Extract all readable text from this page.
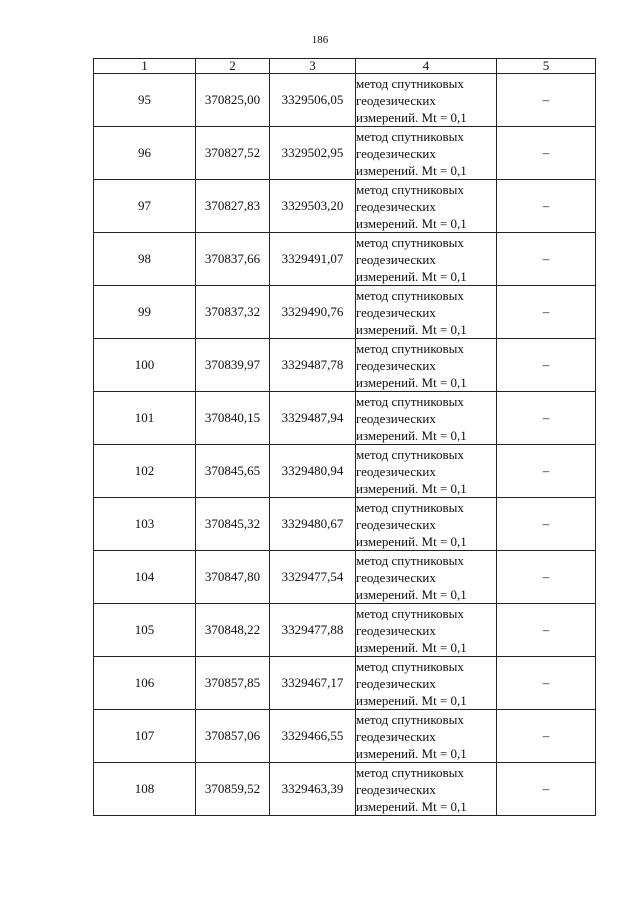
186
1	2	3	4	5
95	370825,00	3329506,05	метод спутниковых
геодезических
измерений. Mt = 0,1	–
96	370827,52	3329502,95	метод спутниковых
геодезических
измерений. Mt = 0,1	–
97	370827,83	3329503,20	метод спутниковых
геодезических
измерений. Mt = 0,1	–
98	370837,66	3329491,07	метод спутниковых
геодезических
измерений. Mt = 0,1	–
99	370837,32	3329490,76	метод спутниковых
геодезических
измерений. Mt = 0,1	–
100	370839,97	3329487,78	метод спутниковых
геодезических
измерений. Mt = 0,1	–
101	370840,15	3329487,94	метод спутниковых
геодезических
измерений. Mt = 0,1	–
102	370845,65	3329480,94	метод спутниковых
геодезических
измерений. Mt = 0,1	–
103	370845,32	3329480,67	метод спутниковых
геодезических
измерений. Mt = 0,1	–
104	370847,80	3329477,54	метод спутниковых
геодезических
измерений. Mt = 0,1	–
105	370848,22	3329477,88	метод спутниковых
геодезических
измерений. Mt = 0,1	–
106	370857,85	3329467,17	метод спутниковых
геодезических
измерений. Mt = 0,1	–
107	370857,06	3329466,55	метод спутниковых
геодезических
измерений. Mt = 0,1	–
108	370859,52	3329463,39	метод спутниковых
геодезических
измерений. Mt = 0,1	–
